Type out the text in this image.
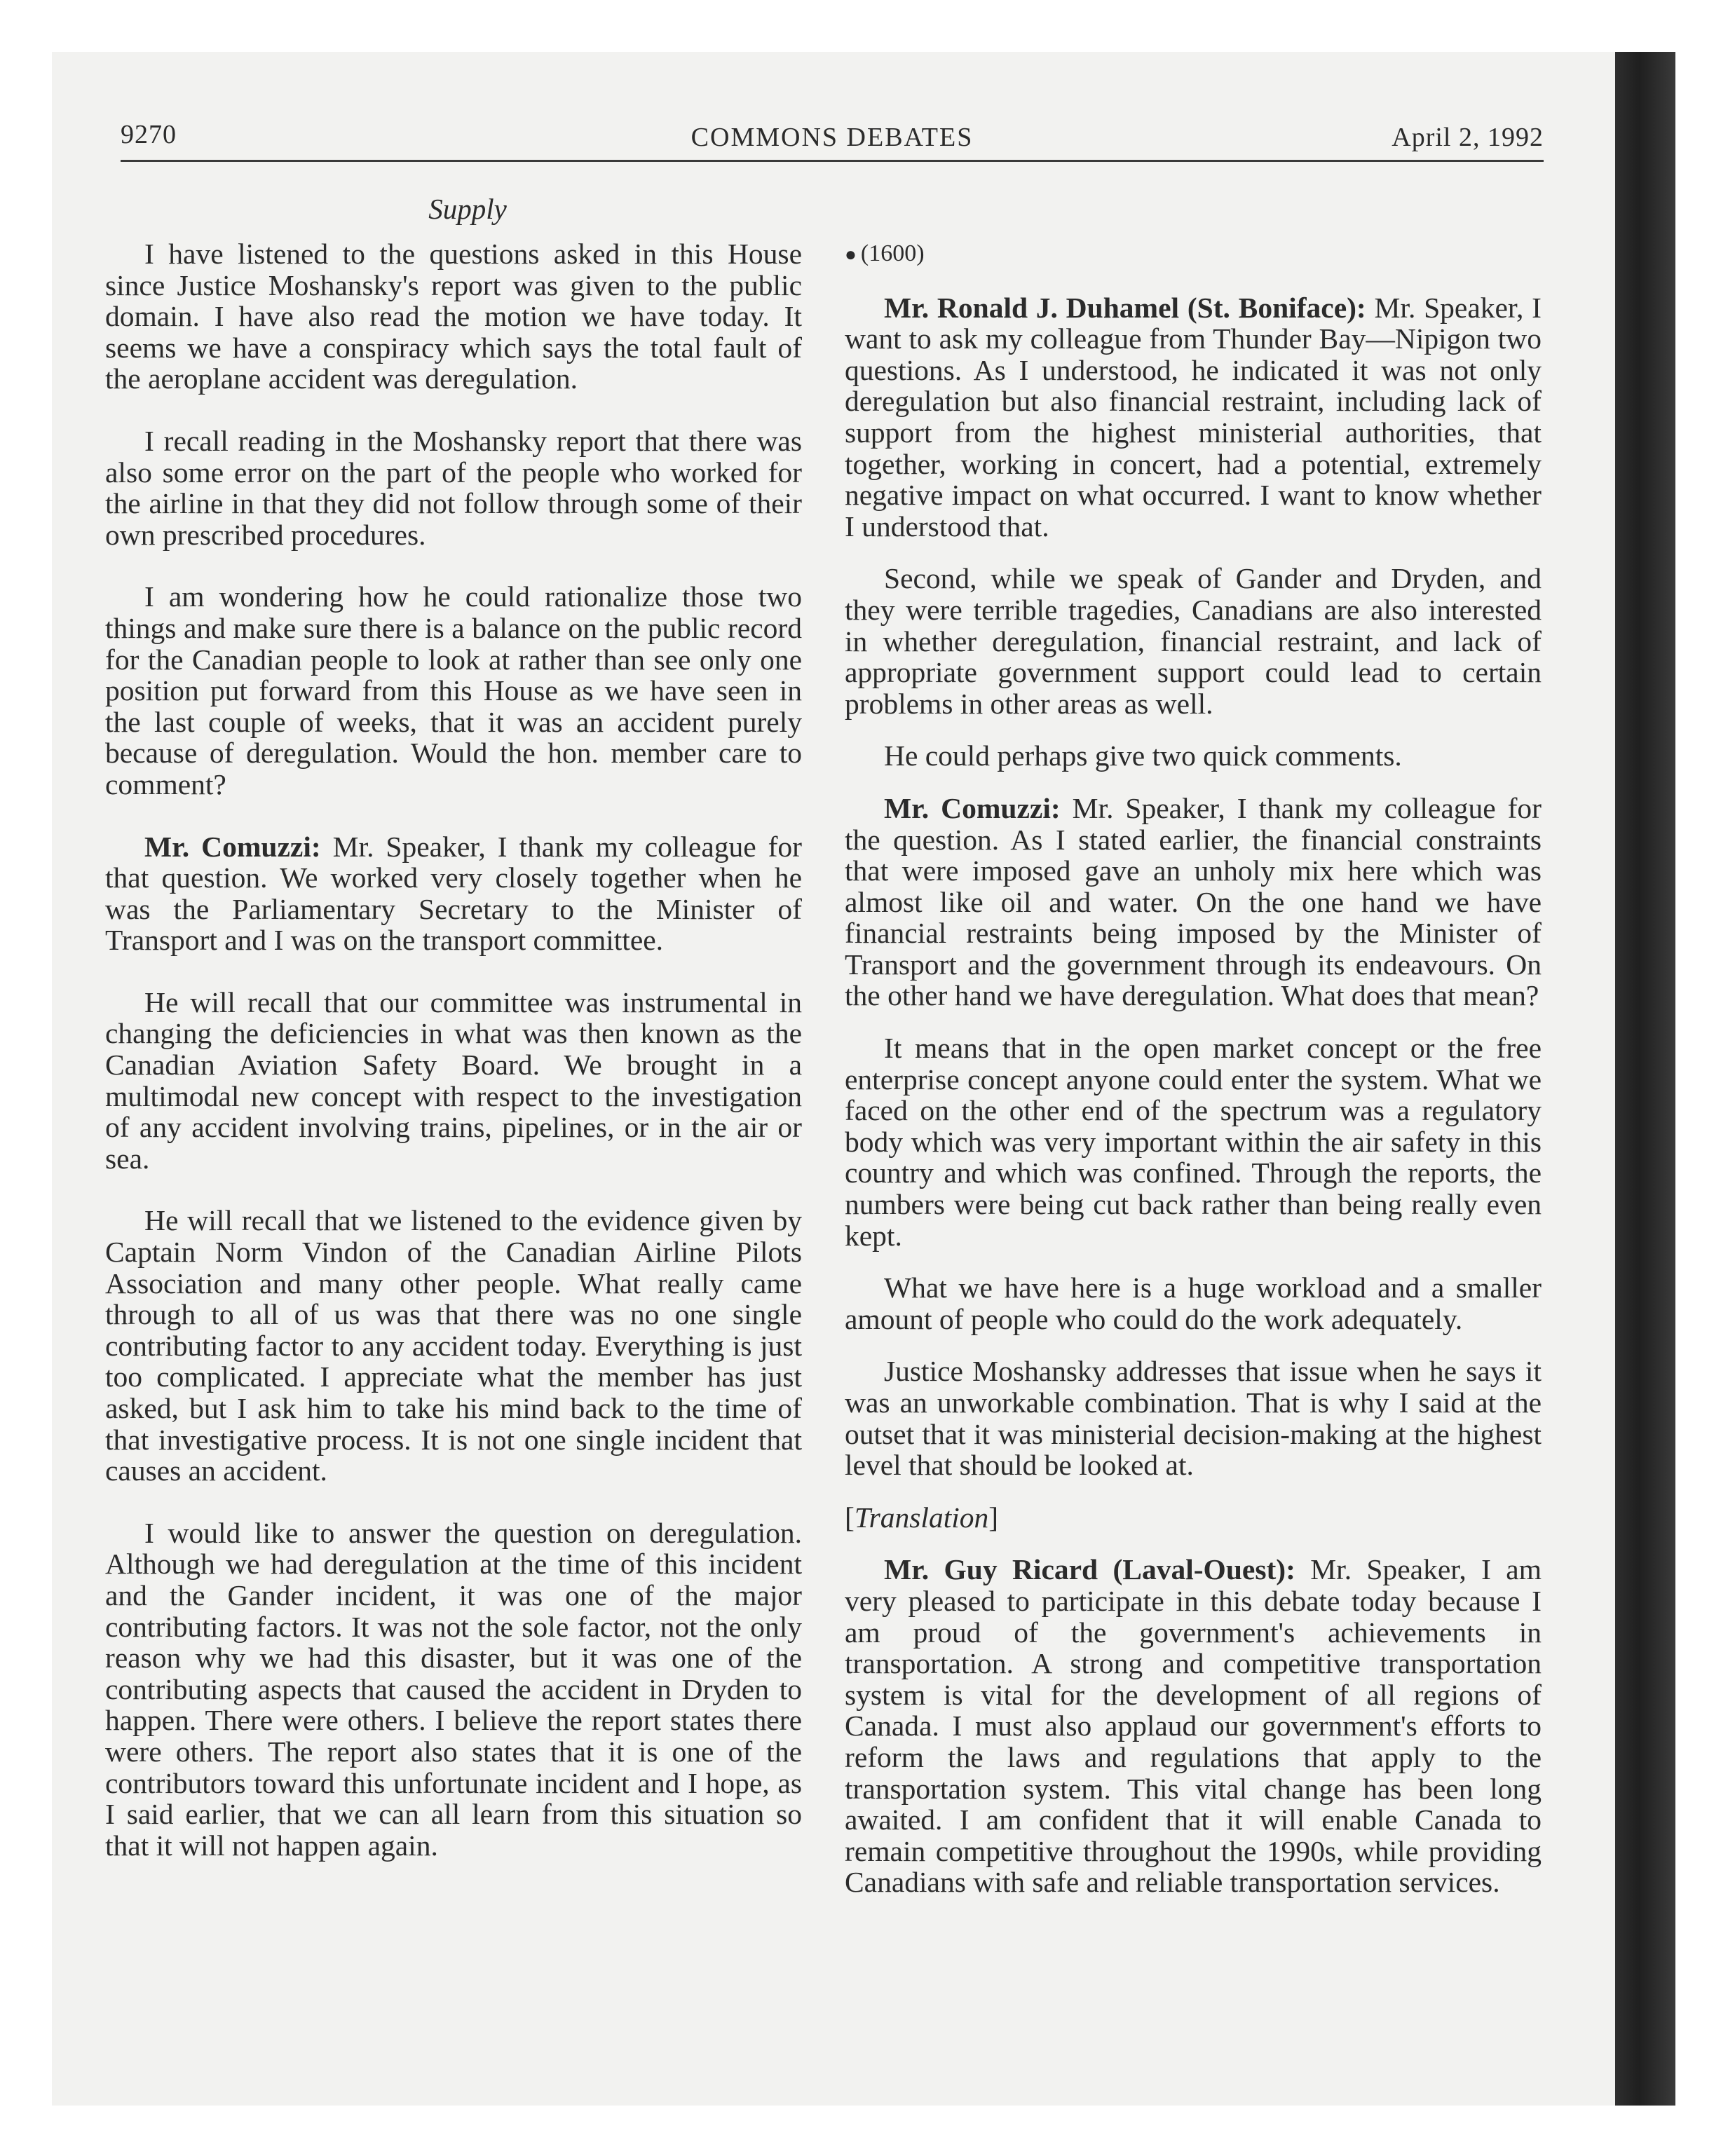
9270	COMMONS DEBATES	April 2, 1992
Supply

I have listened to the questions asked in this House since Justice Moshansky's report was given to the public domain. I have also read the motion we have today. It seems we have a conspiracy which says the total fault of the aeroplane accident was deregulation.

I recall reading in the Moshansky report that there was also some error on the part of the people who worked for the airline in that they did not follow through some of their own prescribed procedures.

I am wondering how he could rationalize those two things and make sure there is a balance on the public record for the Canadian people to look at rather than see only one position put forward from this House as we have seen in the last couple of weeks, that it was an accident purely because of deregulation. Would the hon. member care to comment?

Mr. Comuzzi: Mr. Speaker, I thank my colleague for that question. We worked very closely together when he was the Parliamentary Secretary to the Minister of Transport and I was on the transport committee.

He will recall that our committee was instrumental in changing the deficiencies in what was then known as the Canadian Aviation Safety Board. We brought in a multimodal new concept with respect to the investigation of any accident involving trains, pipelines, or in the air or sea.

He will recall that we listened to the evidence given by Captain Norm Vindon of the Canadian Airline Pilots Association and many other people. What really came through to all of us was that there was no one single contributing factor to any accident today. Everything is just too complicated. I appreciate what the member has just asked, but I ask him to take his mind back to the time of that investigative process. It is not one single incident that causes an accident.

I would like to answer the question on deregulation. Although we had deregulation at the time of this incident and the Gander incident, it was one of the major contributing factors. It was not the sole factor, not the only reason why we had this disaster, but it was one of the contributing aspects that caused the accident in Dryden to happen. There were others. I believe the report states there were others. The report also states that it is one of the contributors toward this unfortunate incident and I hope, as I said earlier, that we can all learn from this situation so that it will not happen again.

● (1600)

Mr. Ronald J. Duhamel (St. Boniface): Mr. Speaker, I want to ask my colleague from Thunder Bay—Nipigon two questions. As I understood, he indicated it was not only deregulation but also financial restraint, including lack of support from the highest ministerial authorities, that together, working in concert, had a potential, extremely negative impact on what occurred. I want to know whether I understood that.

Second, while we speak of Gander and Dryden, and they were terrible tragedies, Canadians are also interested in whether deregulation, financial restraint, and lack of appropriate government support could lead to certain problems in other areas as well.

He could perhaps give two quick comments.

Mr. Comuzzi: Mr. Speaker, I thank my colleague for the question. As I stated earlier, the financial constraints that were imposed gave an unholy mix here which was almost like oil and water. On the one hand we have financial restraints being imposed by the Minister of Transport and the government through its endeavours. On the other hand we have deregulation. What does that mean?

It means that in the open market concept or the free enterprise concept anyone could enter the system. What we faced on the other end of the spectrum was a regulatory body which was very important within the air safety in this country and which was confined. Through the reports, the numbers were being cut back rather than being really even kept.

What we have here is a huge workload and a smaller amount of people who could do the work adequately.

Justice Moshansky addresses that issue when he says it was an unworkable combination. That is why I said at the outset that it was ministerial decision-making at the highest level that should be looked at.

[Translation]

Mr. Guy Ricard (Laval-Ouest): Mr. Speaker, I am very pleased to participate in this debate today because I am proud of the government's achievements in transportation. A strong and competitive transportation system is vital for the development of all regions of Canada. I must also applaud our government's efforts to reform the laws and regulations that apply to the transportation system. This vital change has been long awaited. I am confident that it will enable Canada to remain competitive throughout the 1990s, while providing Canadians with safe and reliable transportation services.
